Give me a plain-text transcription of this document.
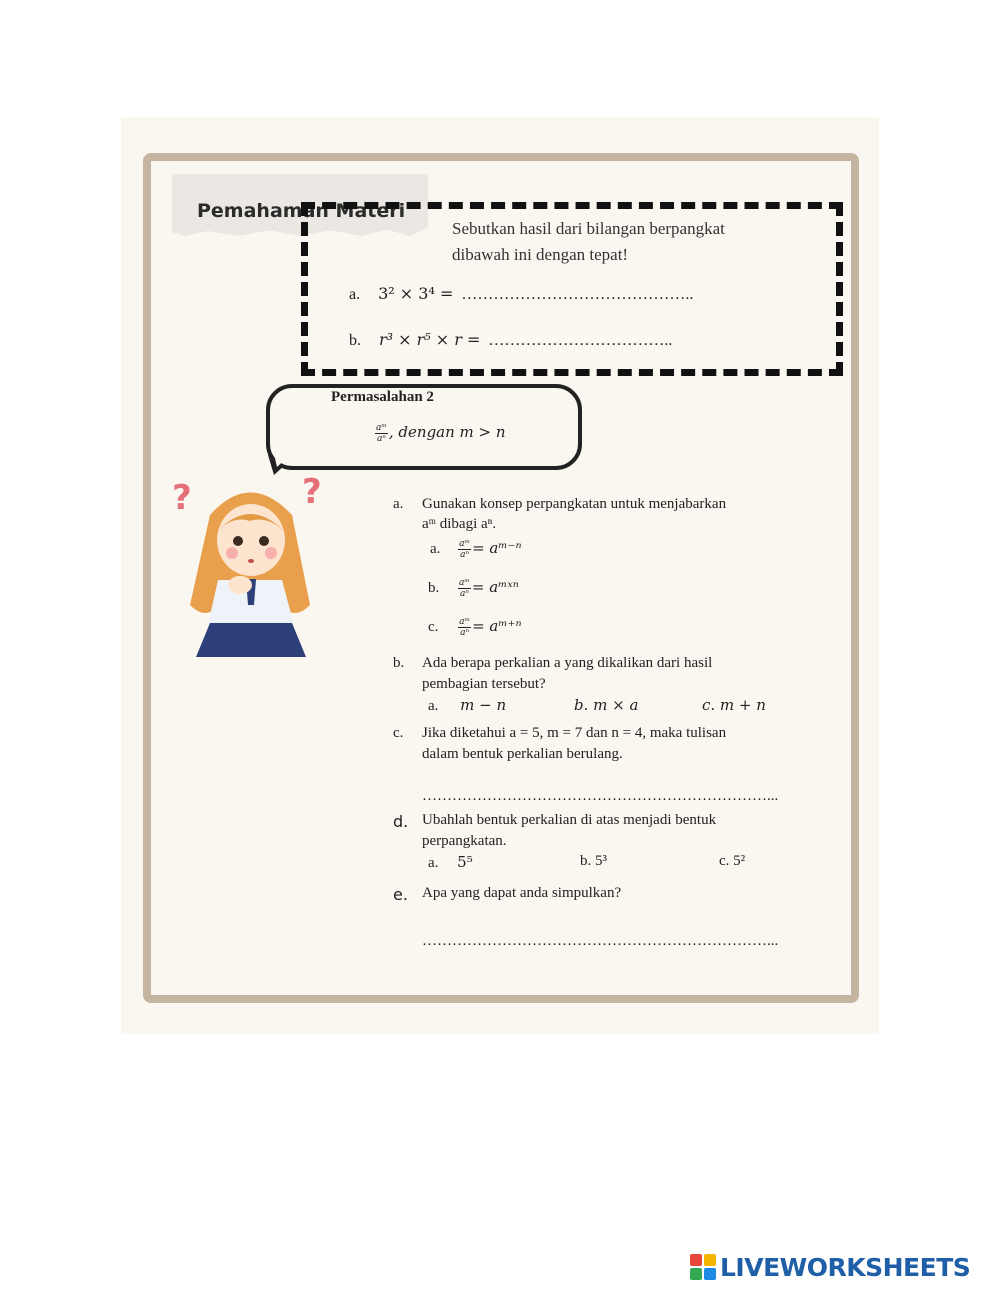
Pemahaman Materi
Sebutkan hasil dari bilangan berpangkat dibawah ini dengan tepat!
a. 3² × 3⁴ = ……………………………………..
b. r³ × r⁵ × r = ……………………………..
Permasalahan 2
$\frac{\text{aᵐ}}{\text{aⁿ}}$ , dengan m > n
?	?	a. Gunakan konsep perpangkatan untuk menjabarkan
aᵐ dibagi aⁿ.
a. $\frac{\text{aᵐ}}{\text{aⁿ}}$ = aᵐ⁻ⁿ
b. $\frac{\text{aᵐ}}{\text{aⁿ}}$ = aᵐˣⁿ
c. $\frac{\text{aᵐ}}{\text{aⁿ}}$ = aᵐ⁺ⁿ
b. Ada berapa perkalian a yang dikalikan dari hasil
pembagian tersebut?
a. m − n	b. m × a	c. m + n
c. Jika diketahui a = 5, m = 7 dan n = 4, maka tulisan
dalam bentuk perkalian berulang.
……………………………………………………………...
d. Ubahlah bentuk perkalian di atas menjadi bentuk
perpangkatan.
a. 5⁵	b. 5³	c. 5²
e. Apa yang dapat anda simpulkan?
……………………………………………………………...
LIVEWORKSHEETS
